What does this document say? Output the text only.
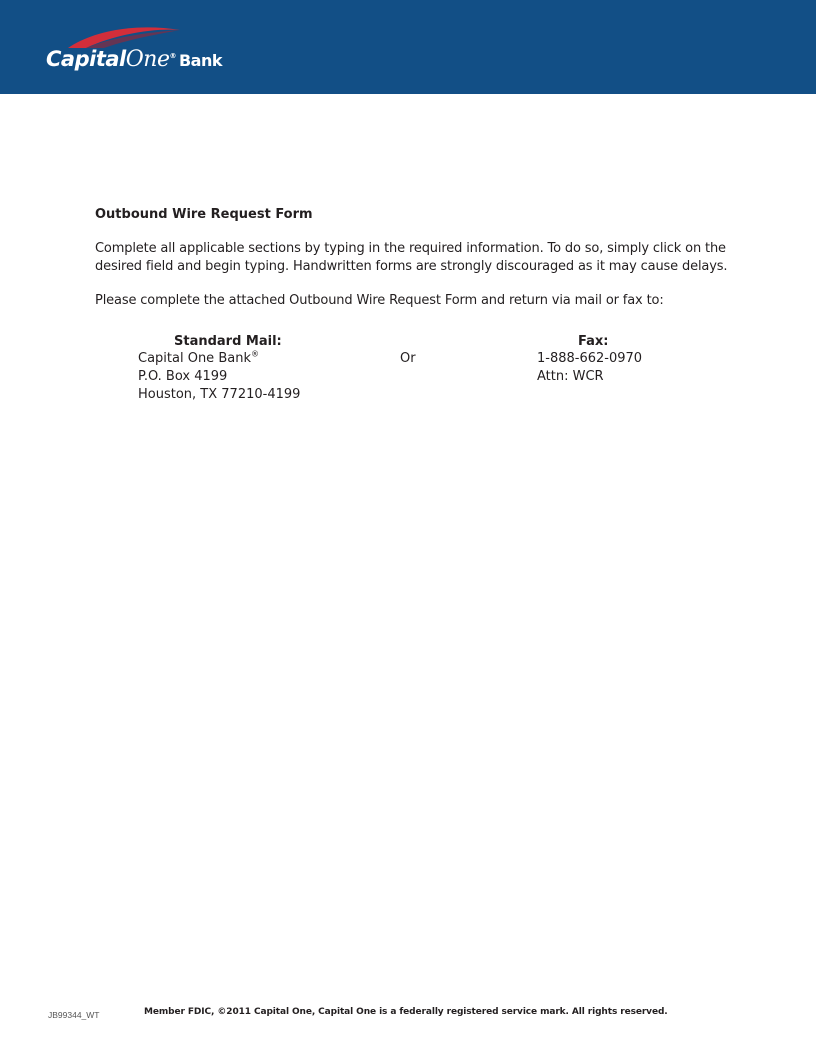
CapitalOne® Bank
Outbound Wire Request Form

Complete all applicable sections by typing in the required information. To do so, simply click on the desired field and begin typing. Handwritten forms are strongly discouraged as it may cause delays.

Please complete the attached Outbound Wire Request Form and return via mail or fax to:

Standard Mail:
Capital One Bank®
P.O. Box 4199
Houston, TX 77210-4199
Or
Fax:
1-888-662-0970
Attn: WCR
JB99344_WT	Member FDIC, ©2011 Capital One, Capital One is a federally registered service mark. All rights reserved.
